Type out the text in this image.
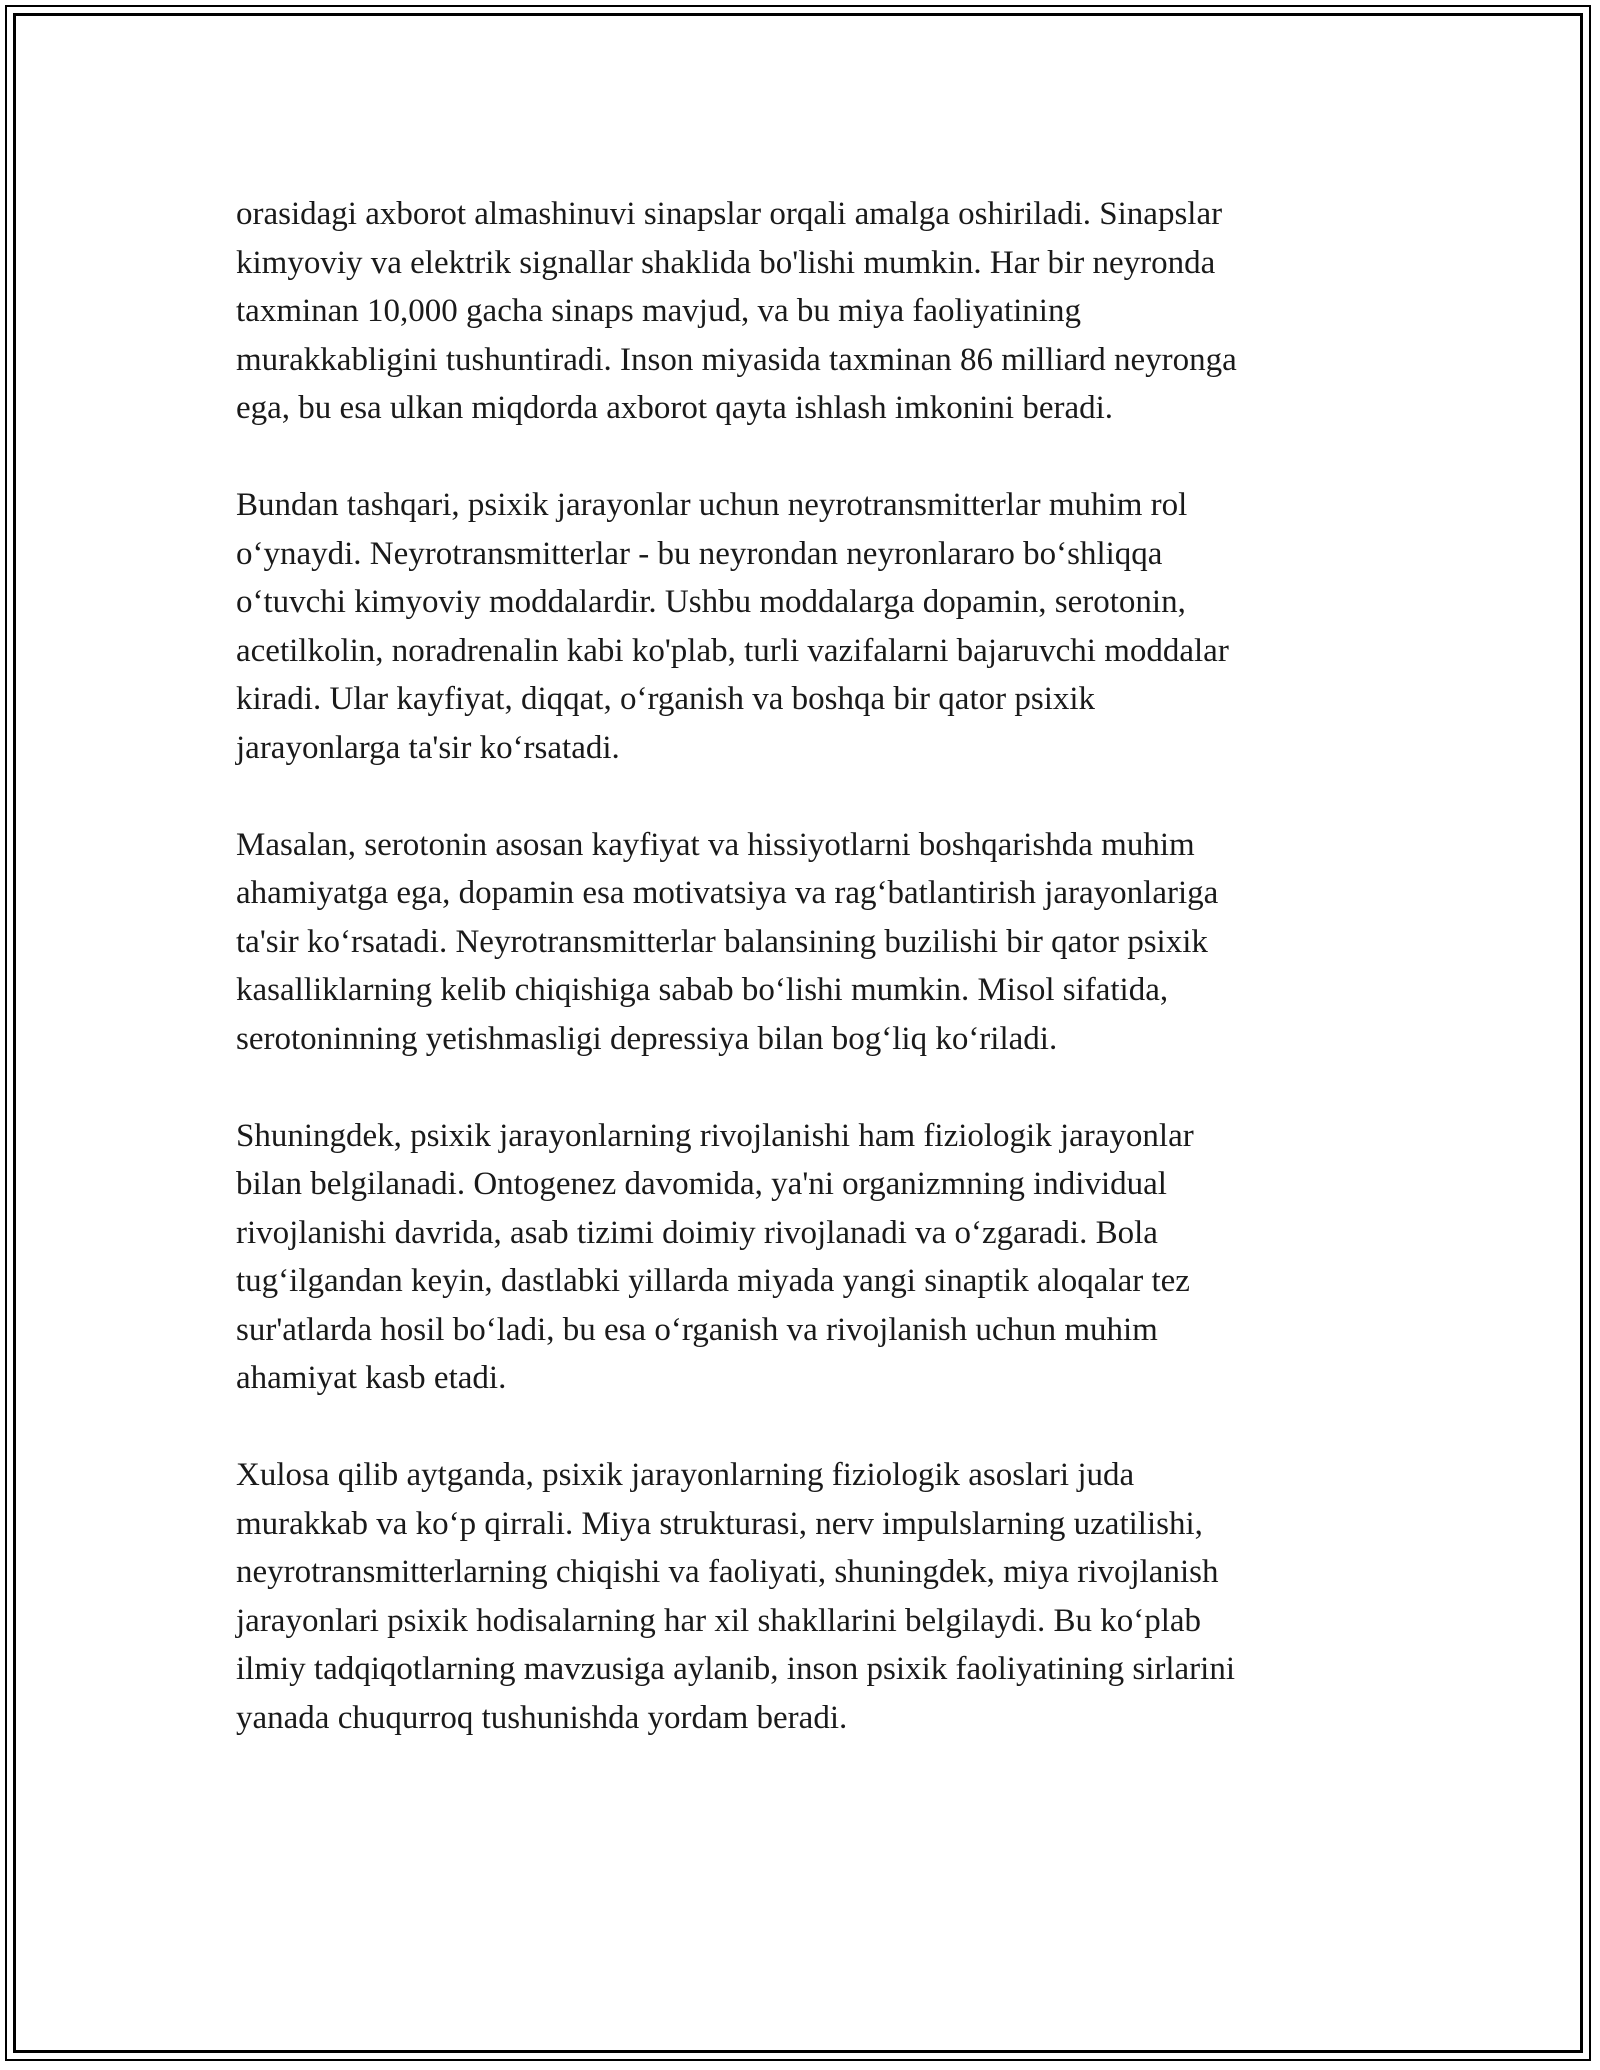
orasidagi axborot almashinuvi sinapslar orqali amalga oshiriladi. Sinapslar
kimyoviy va elektrik signallar shaklida bo'lishi mumkin. Har bir neyronda
taxminan 10,000 gacha sinaps mavjud, va bu miya faoliyatining
murakkabligini tushuntiradi. Inson miyasida taxminan 86 milliard neyronga
ega, bu esa ulkan miqdorda axborot qayta ishlash imkonini beradi.

Bundan tashqari, psixik jarayonlar uchun neyrotransmitterlar muhim rol
o‘ynaydi. Neyrotransmitterlar - bu neyrondan neyronlararo bo‘shliqqa
o‘tuvchi kimyoviy moddalardir. Ushbu moddalarga dopamin, serotonin,
acetilkolin, noradrenalin kabi ko'plab, turli vazifalarni bajaruvchi moddalar
kiradi. Ular kayfiyat, diqqat, o‘rganish va boshqa bir qator psixik
jarayonlarga ta'sir ko‘rsatadi.

Masalan, serotonin asosan kayfiyat va hissiyotlarni boshqarishda muhim
ahamiyatga ega, dopamin esa motivatsiya va rag‘batlantirish jarayonlariga
ta'sir ko‘rsatadi. Neyrotransmitterlar balansining buzilishi bir qator psixik
kasalliklarning kelib chiqishiga sabab bo‘lishi mumkin. Misol sifatida,
serotoninning yetishmasligi depressiya bilan bog‘liq ko‘riladi.

Shuningdek, psixik jarayonlarning rivojlanishi ham fiziologik jarayonlar
bilan belgilanadi. Ontogenez davomida, ya'ni organizmning individual
rivojlanishi davrida, asab tizimi doimiy rivojlanadi va o‘zgaradi. Bola
tug‘ilgandan keyin, dastlabki yillarda miyada yangi sinaptik aloqalar tez
sur'atlarda hosil bo‘ladi, bu esa o‘rganish va rivojlanish uchun muhim
ahamiyat kasb etadi.

Xulosa qilib aytganda, psixik jarayonlarning fiziologik asoslari juda
murakkab va ko‘p qirrali. Miya strukturasi, nerv impulslarning uzatilishi,
neyrotransmitterlarning chiqishi va faoliyati, shuningdek, miya rivojlanish
jarayonlari psixik hodisalarning har xil shakllarini belgilaydi. Bu ko‘plab
ilmiy tadqiqotlarning mavzusiga aylanib, inson psixik faoliyatining sirlarini
yanada chuqurroq tushunishda yordam beradi.
